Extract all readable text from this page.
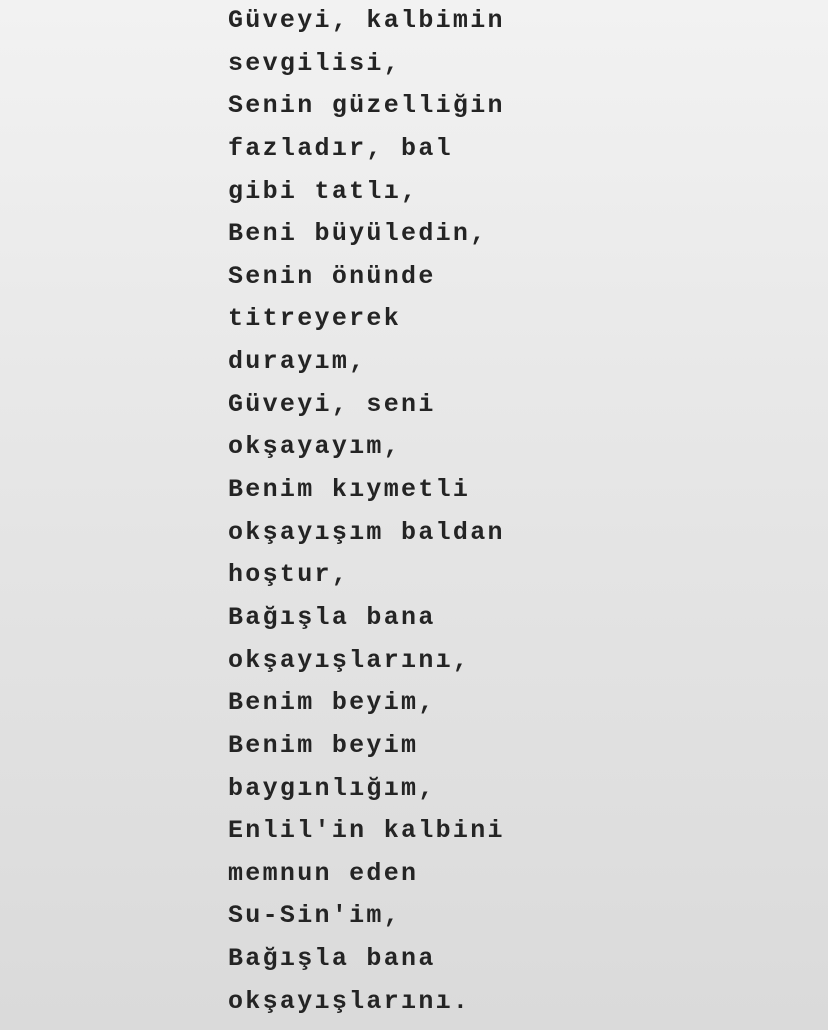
Güveyi, kalbimin
sevgilisi,
Senin güzelliğin
fazladır, bal
gibi tatlı,
Beni büyüledin,
Senin önünde
titreyerek
durayım,
Güveyi, seni
okşayayım,
Benim kıymetli
okşayışım baldan
hoştur,
Bağışla bana
okşayışlarını,
Benim beyim,
Benim beyim
baygınlığım,
Enlil'in kalbini
memnun eden
Su-Sin'im,
Bağışla bana
okşayışlarını.
